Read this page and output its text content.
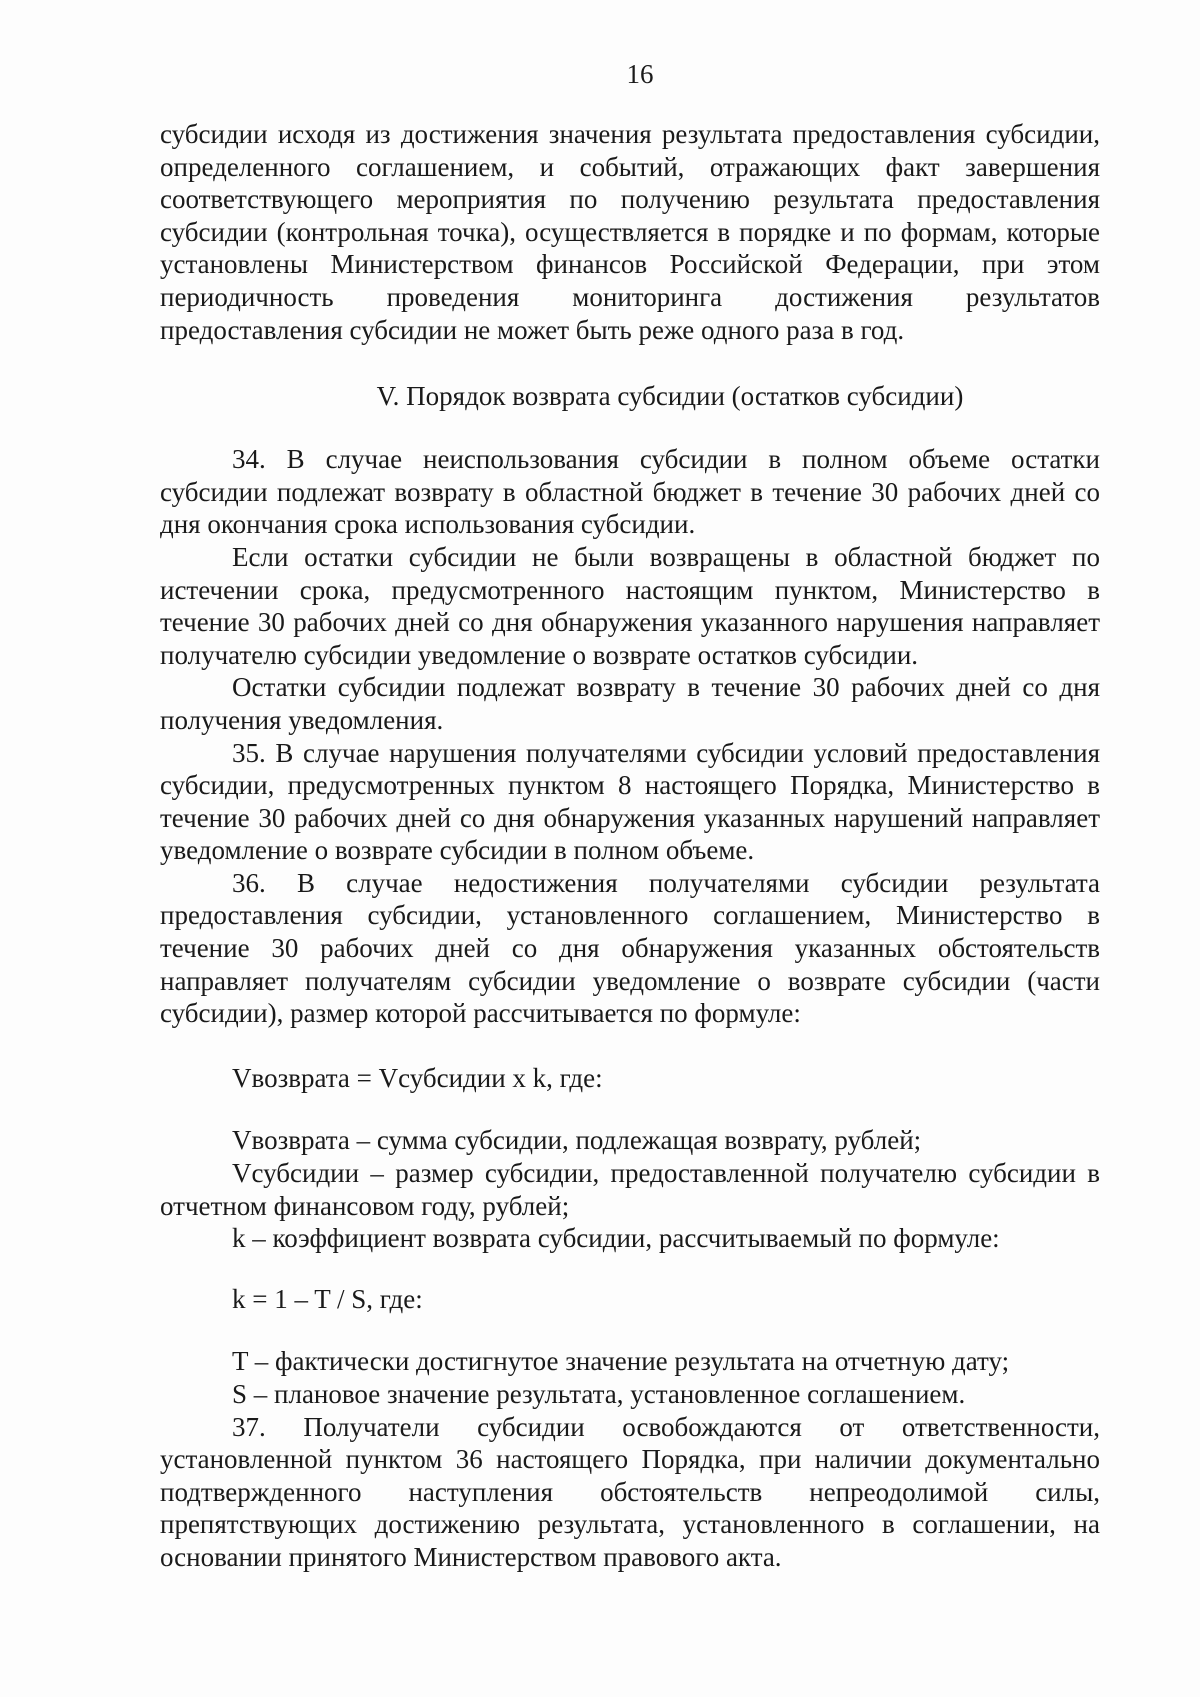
16

субсидии исходя из достижения значения результата предоставления субсидии, определенного соглашением, и событий, отражающих факт завершения соответствующего мероприятия по получению результата предоставления субсидии (контрольная точка), осуществляется в порядке и по формам, которые установлены Министерством финансов Российской Федерации, при этом периодичность проведения мониторинга достижения результатов предоставления субсидии не может быть реже одного раза в год.

V. Порядок возврата субсидии (остатков субсидии)

34. В случае неиспользования субсидии в полном объеме остатки субсидии подлежат возврату в областной бюджет в течение 30 рабочих дней со дня окончания срока использования субсидии.

Если остатки субсидии не были возвращены в областной бюджет по истечении срока, предусмотренного настоящим пунктом, Министерство в течение 30 рабочих дней со дня обнаружения указанного нарушения направляет получателю субсидии уведомление о возврате остатков субсидии.

Остатки субсидии подлежат возврату в течение 30 рабочих дней со дня получения уведомления.

35. В случае нарушения получателями субсидии условий предоставления субсидии, предусмотренных пунктом 8 настоящего Порядка, Министерство в течение 30 рабочих дней со дня обнаружения указанных нарушений направляет уведомление о возврате субсидии в полном объеме.

36. В случае недостижения получателями субсидии результата предоставления субсидии, установленного соглашением, Министерство в течение 30 рабочих дней со дня обнаружения указанных обстоятельств направляет получателям субсидии уведомление о возврате субсидии (части субсидии), размер которой рассчитывается по формуле:

Vвозврата = Vсубсидии x k, где:

Vвозврата – сумма субсидии, подлежащая возврату, рублей;

Vсубсидии – размер субсидии, предоставленной получателю субсидии в отчетном финансовом году, рублей;

k – коэффициент возврата субсидии, рассчитываемый по формуле:

k = 1 – T / S, где:

T – фактически достигнутое значение результата на отчетную дату;

S – плановое значение результата, установленное соглашением.

37. Получатели субсидии освобождаются от ответственности, установленной пунктом 36 настоящего Порядка, при наличии документально подтвержденного наступления обстоятельств непреодолимой силы, препятствующих достижению результата, установленного в соглашении, на основании принятого Министерством правового акта.
